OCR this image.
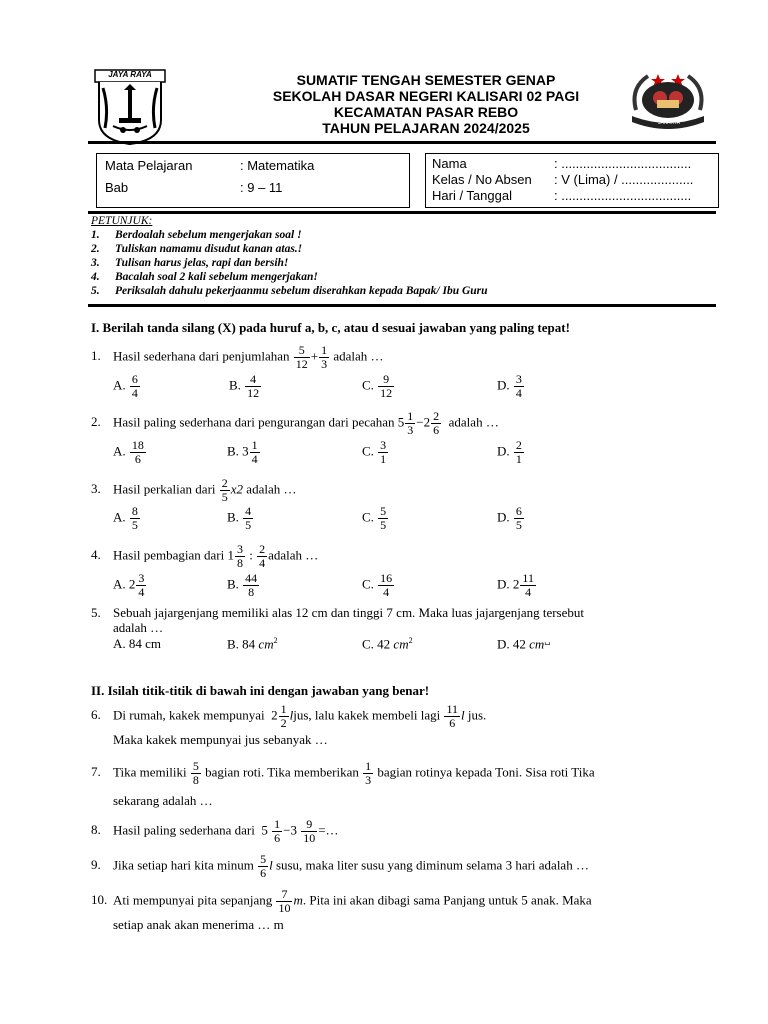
JAYA RAYA	SUMATIF TENGAH SEMESTER GENAP
SEKOLAH DASAR NEGERI KALISARI 02 PAGI
KECAMATAN PASAR REBO
TAHUN PELAJARAN 2024/2025	JAKARTA
Mata Pelajaran	: Matematika
Bab	: 9 – 11
Nama	: ....................................
Kelas / No Absen : V (Lima) / ....................
Hari / Tanggal	: ....................................
PETUNJUK:
1. Berdoalah sebelum mengerjakan soal !
2. Tuliskan namamu disudut kanan atas.!
3. Tulisan harus jelas, rapi dan bersih!
4. Bacalah soal 2 kali sebelum mengerjakan!
5. Periksalah dahulu pekerjaanmu sebelum diserahkan kepada Bapak/ Ibu Guru
I. Berilah tanda silang (X) pada huruf a, b, c, atau d sesuai jawaban yang paling tepat!
1. Hasil sederhana dari penjumlahan $\frac{5}{12} + \frac{1}{3}$ adalah …
A. $\frac{6}{4}$	B. $\frac{4}{12}$	C. $\frac{9}{12}$	D. $\frac{3}{4}$
2. Hasil paling sederhana dari pengurangan dari pecahan $5 \frac{1}{3} -2 \frac{2}{6}$ adalah …
A. $\frac{18}{6}$	B. $3 \frac{1}{4}$	C. $\frac{3}{1}$	D. $\frac{2}{1}$
3. Hasil perkalian dari $\frac{2}{5} x2$ adalah …
A. $\frac{8}{5}$	B. $\frac{4}{5}$	C. $\frac{5}{5}$	D. $\frac{6}{5}$
4. Hasil pembagian dari $1 \frac{3}{8}$ : $\frac{2}{4}$ adalah …
A. $2 \frac{3}{4}$	B. $\frac{44}{8}$	C. $\frac{16}{4}$	D. $2 \frac{11}{4}$
5. Sebuah jajargenjang memiliki alas 12 cm dan tinggi 7 cm. Maka luas jajargenjang tersebut
adalah …
A. 84 cm	B. 84 $cm^2$	C. 42 $cm^2$	D. 42 cm␣
II. Isilah titik-titik di bawah ini dengan jawaban yang benar!
6. Di rumah, kakek mempunyai $2 \frac{1}{2}$ ljus, lalu kakek membeli lagi $\frac{11}{6}$ l jus.
Maka kakek mempunyai jus sebanyak …
7. Tika memiliki $\frac{5}{8}$ bagian roti. Tika memberikan $\frac{1}{3}$ bagian rotinya kepada Toni. Sisa roti Tika
sekarang adalah …
8. Hasil paling sederhana dari $5 \frac{1}{6} -3 \frac{9}{10}$ =…
9. Jika setiap hari kita minum $\frac{5}{6}$ l susu, maka liter susu yang diminum selama 3 hari adalah …
10. Ati mempunyai pita sepanjang $\frac{7}{10} m$. Pita ini akan dibagi sama Panjang untuk 5 anak. Maka
setiap anak akan menerima … m
